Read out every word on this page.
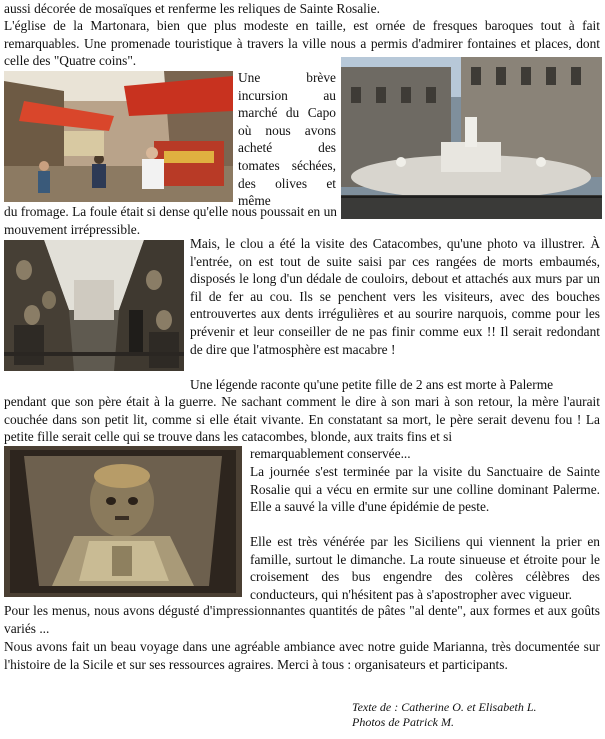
aussi décorée de mosaïques et renferme les reliques de Sainte Rosalie.

L'église de la Martonara, bien que plus modeste en taille, est ornée de fresques baroques tout à fait remarquables. Une promenade touristique à travers la ville nous a permis d'admirer fontaines et places, dont celle des "Quatre coins".

Une brève incursion au marché du Capo où nous avons acheté des tomates séchées, des olives et même

du fromage. La foule était si dense qu'elle nous poussait en un mouvement irrépressible.

Mais, le clou a été la visite des Catacombes, qu'une photo va illustrer. À l'entrée, on est tout de suite saisi par ces rangées de morts embaumés, disposés le long d'un dédale de couloirs, debout et attachés aux murs par un fil de fer au cou. Ils se penchent vers les visiteurs, avec des bouches entrouvertes aux dents irrégulières et au sourire narquois, comme pour les prévenir et leur conseiller de ne pas finir comme eux !! Il serait redondant de dire que l'atmosphère est macabre !

Une légende raconte qu'une petite fille de 2 ans est morte à Palerme

pendant que son père était à la guerre. Ne sachant comment le dire à son mari à son retour, la mère l'aurait couchée dans son petit lit, comme si elle était vivante. En constatant sa mort, le père serait devenu fou ! La petite fille serait celle qui se trouve dans les catacombes, blonde, aux traits fins et si

remarquablement conservée...

La journée s'est terminée par la visite du Sanctuaire de Sainte Rosalie qui a vécu en ermite sur une colline dominant Palerme. Elle a sauvé la ville d'une épidémie de peste.

Elle est très vénérée par les Siciliens qui viennent la prier en famille, surtout le dimanche. La route sinueuse et étroite pour le croisement des bus engendre des colères célèbres des conducteurs, qui n'hésitent pas à s'apostropher avec vigueur.

Pour les menus, nous avons dégusté d'impressionnantes quantités de pâtes "al dente", aux formes et aux goûts variés ...

Nous avons fait un beau voyage dans une agréable ambiance avec notre guide Marianna, très documentée sur l'histoire de la Sicile et sur ses ressources agraires. Merci à tous : organisateurs et participants.

Texte de : Catherine O. et Elisabeth L.
Photos de Patrick M.
